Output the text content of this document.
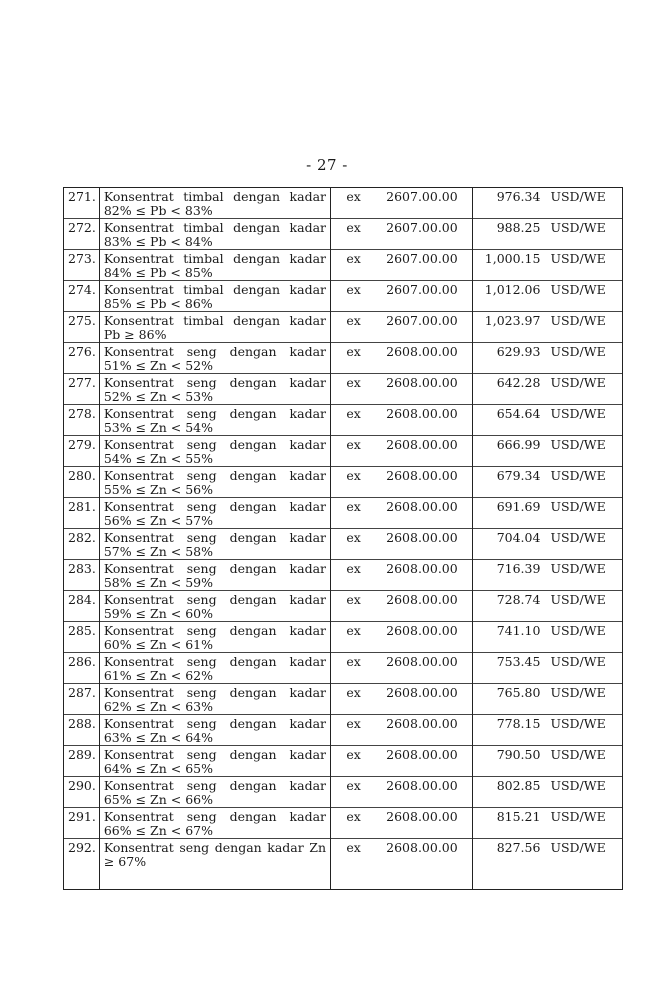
- 27 -
271.	Konsentrat timbal dengan kadar 82% ≤ Pb < 83%	ex	2607.00.00	976.34	USD/WE
272.	Konsentrat timbal dengan kadar 83% ≤ Pb < 84%	ex	2607.00.00	988.25	USD/WE
273.	Konsentrat timbal dengan kadar 84% ≤ Pb < 85%	ex	2607.00.00	1,000.15	USD/WE
274.	Konsentrat timbal dengan kadar 85% ≤ Pb < 86%	ex	2607.00.00	1,012.06	USD/WE
275.	Konsentrat timbal dengan kadar Pb ≥ 86%	ex	2607.00.00	1,023.97	USD/WE
276.	Konsentrat seng dengan kadar 51% ≤ Zn < 52%	ex	2608.00.00	629.93	USD/WE
277.	Konsentrat seng dengan kadar 52% ≤ Zn < 53%	ex	2608.00.00	642.28	USD/WE
278.	Konsentrat seng dengan kadar 53% ≤ Zn < 54%	ex	2608.00.00	654.64	USD/WE
279.	Konsentrat seng dengan kadar 54% ≤ Zn < 55%	ex	2608.00.00	666.99	USD/WE
280.	Konsentrat seng dengan kadar 55% ≤ Zn < 56%	ex	2608.00.00	679.34	USD/WE
281.	Konsentrat seng dengan kadar 56% ≤ Zn < 57%	ex	2608.00.00	691.69	USD/WE
282.	Konsentrat seng dengan kadar 57% ≤ Zn < 58%	ex	2608.00.00	704.04	USD/WE
283.	Konsentrat seng dengan kadar 58% ≤ Zn < 59%	ex	2608.00.00	716.39	USD/WE
284.	Konsentrat seng dengan kadar 59% ≤ Zn < 60%	ex	2608.00.00	728.74	USD/WE
285.	Konsentrat seng dengan kadar 60% ≤ Zn < 61%	ex	2608.00.00	741.10	USD/WE
286.	Konsentrat seng dengan kadar 61% ≤ Zn < 62%	ex	2608.00.00	753.45	USD/WE
287.	Konsentrat seng dengan kadar 62% ≤ Zn < 63%	ex	2608.00.00	765.80	USD/WE
288.	Konsentrat seng dengan kadar 63% ≤ Zn < 64%	ex	2608.00.00	778.15	USD/WE
289.	Konsentrat seng dengan kadar 64% ≤ Zn < 65%	ex	2608.00.00	790.50	USD/WE
290.	Konsentrat seng dengan kadar 65% ≤ Zn < 66%	ex	2608.00.00	802.85	USD/WE
291.	Konsentrat seng dengan kadar 66% ≤ Zn < 67%	ex	2608.00.00	815.21	USD/WE
292.	Konsentrat seng dengan kadar Zn ≥ 67%	ex	2608.00.00	827.56	USD/WE
